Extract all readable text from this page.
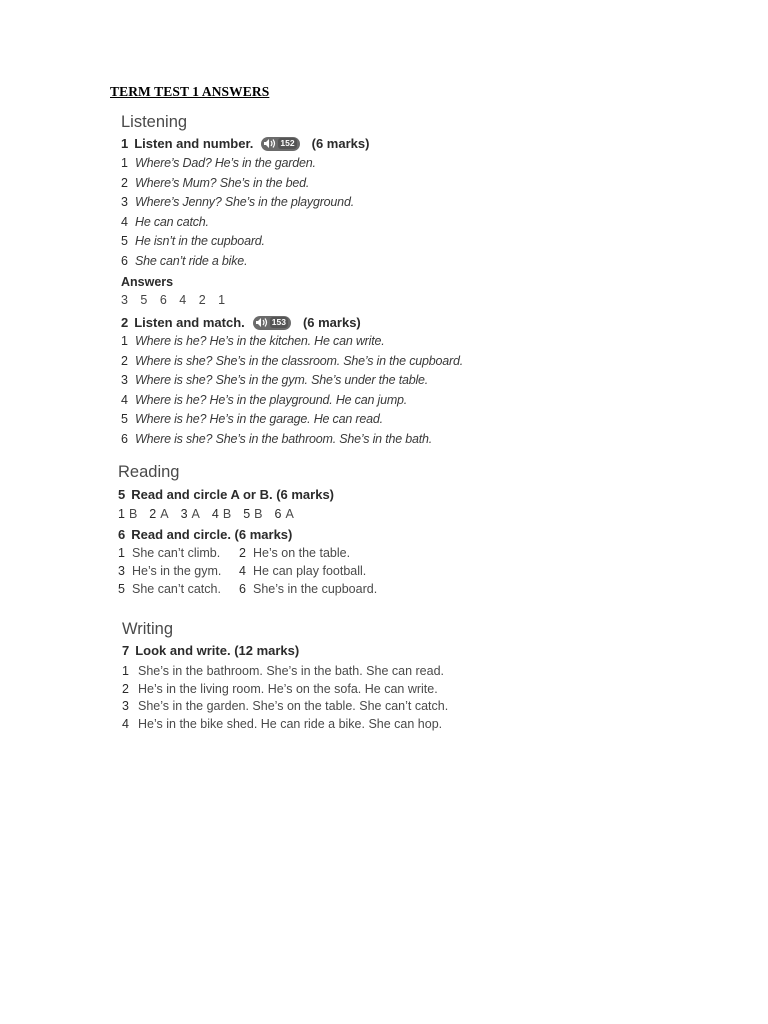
TERM TEST 1 ANSWERS
Listening
1 Listen and number.	152 (6 marks)
1 Where’s Dad? He’s in the garden.
2 Where’s Mum? She’s in the bed.
3 Where’s Jenny? She’s in the playground.
4 He can catch.
5 He isn’t in the cupboard.
6 She can’t ride a bike.
Answers
3 5 6 4 2 1
2 Listen and match.	153 (6 marks)
1 Where is he? He’s in the kitchen. He can write.
2 Where is she? She’s in the classroom. She’s in the cupboard.
3 Where is she? She’s in the gym. She’s under the table.
4 Where is he? He’s in the playground. He can jump.
5 Where is he? He’s in the garage. He can read.
6 Where is she? She’s in the bathroom. She’s in the bath.
Reading
5 Read and circle A or B. (6 marks)
1 B 2 A 3 A 4 B 5 B 6 A
6 Read and circle. (6 marks)
1 She can’t climb. 2 He’s on the table.
3 He’s in the gym. 4 He can play football.
5 She can’t catch. 6 She’s in the cupboard.
Writing
7 Look and write. (12 marks)
1 She’s in the bathroom. She’s in the bath. She can read.
2 He’s in the living room. He’s on the sofa. He can write.
3 She’s in the garden. She’s on the table. She can’t catch.
4 He’s in the bike shed. He can ride a bike. She can hop.
